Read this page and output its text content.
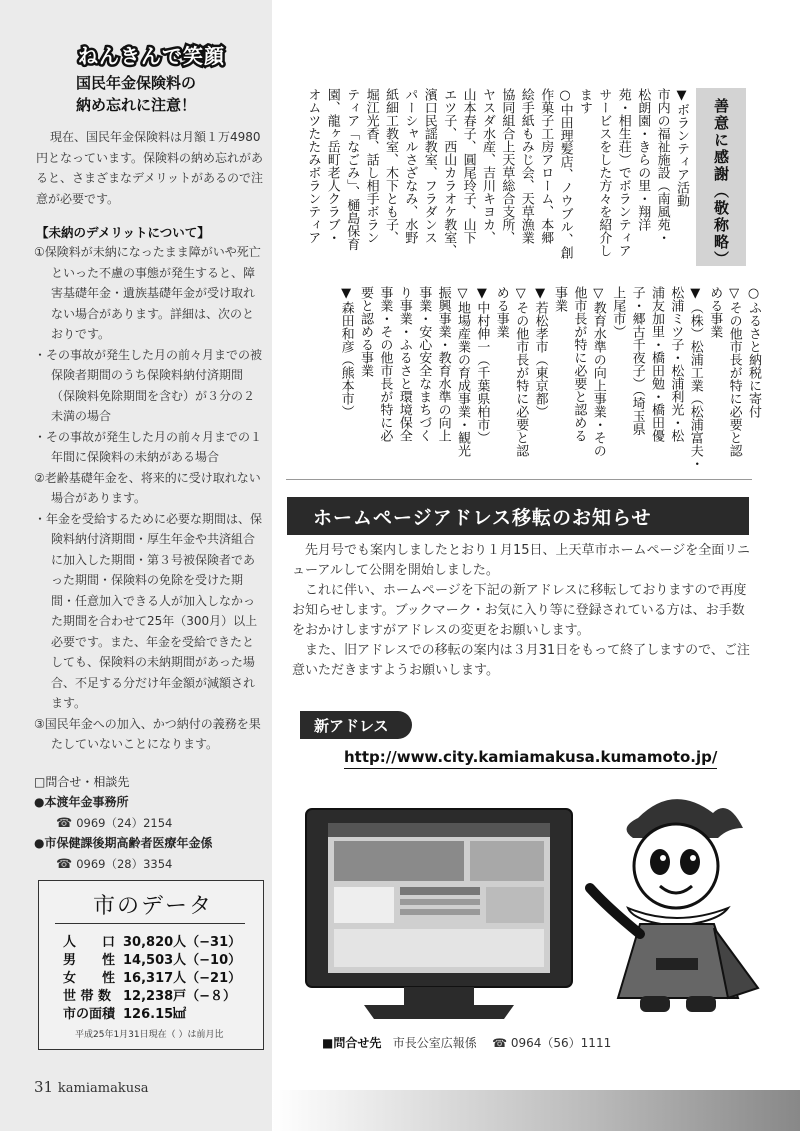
ねんきんで笑顔
国民年金保険料の
納め忘れに注意！

現在、国民年金保険料は月額１万4980円となっています。保険料の納め忘れがあると、さまざまなデメリットがあるので注意が必要です。

【未納のデメリットについて】
①保険料が未納になったまま障がいや死亡といった不慮の事態が発生すると、障害基礎年金・遺族基礎年金が受け取れない場合があります。詳細は、次のとおりです。
・その事故が発生した月の前々月までの被保険者期間のうち保険料納付済期間（保険料免除期間を含む）が３分の２未満の場合
・その事故が発生した月の前々月までの１年間に保険料の未納がある場合
②老齢基礎年金を、将来的に受け取れない場合があります。
・年金を受給するために必要な期間は、保険料納付済期間・厚生年金や共済組合に加入した期間・第３号被保険者であった期間・保険料の免除を受けた期間・任意加入できる人が加入しなかった期間を合わせて25年（300月）以上必要です。また、年金を受給できたとしても、保険料の未納期間があった場合、不足する分だけ年金額が減額されます。
③国民年金への加入、かつ納付の義務を果たしていないことになります。
□問合せ・相談先
●本渡年金事務所
☎ 0969（24）2154
●市保健課後期高齢者医療年金係
☎ 0969（28）3354
市のデータ
人　　口 30,820人（−31）
男　　性 14,503人（−10）
女　　性 16,317人（−21）
世 帯 数 12,238戸（−８）
市の面積 126.15㎢
平成25年1月31日現在（ ）は前月比
31 kamiamakusa
善意に感謝（敬称略）
▼ボランティア活動
市内の福祉施設（南風苑・
松朗園・きらの里・翔洋
苑・相生荘）でボランティア
サービスをした方々を紹介し
ます
○中田理髪店、ノウブル、創
作菓子工房アローム、本郷
絵手紙もみじ会、天草漁業
協同組合上天草総合支所、
ヤスダ水産、吉川キヨカ、
山本春子、圓尾玲子、山下
エツ子、西山カラオケ教室、
濱口民謡教室、フラダンス
パーシャルさざなみ、水野
紙細工教室、木下とも子、
堀江光香、話し相手ボラン
ティア「なごみ」、樋島保育
園、龍ヶ岳町老人クラブ・
オムツたたみボランティア
○ふるさと納税に寄付
▽その他市長が特に必要と認
める事業
▼（株）松浦工業（松浦富夫・
松浦ミツ子・松浦利光・松
浦友加里・橋田勉・橋田優
子・郷古千夜子）（埼玉県
上尾市）
▽教育水準の向上事業・その
他市長が特に必要と認める
事業
▼若松孝市（東京都）
▽その他市長が特に必要と認
める事業
▼中村伸一（千葉県柏市）
▽地場産業の育成事業・観光
振興事業・教育水準の向上
事業・安心安全なまちづく
り事業・ふるさと環境保全
事業・その他市長が特に必
要と認める事業
▼森田和彦（熊本市）
ホームページアドレス移転のお知らせ

先月号でも案内しましたとおり１月15日、上天草市ホームページを全面リニューアルして公開を開始しました。

これに伴い、ホームページを下記の新アドレスに移転しておりますので再度お知らせします。ブックマーク・お気に入り等に登録されている方は、お手数をおかけしますがアドレスの変更をお願いします。

また、旧アドレスでの移転の案内は３月31日をもって終了しますので、ご注意いただきますようお願いします。

新アドレス
http://www.city.kamiamakusa.kumamoto.jp/
■問合せ先 市長公室広報係 ☎ 0964（56）1111
